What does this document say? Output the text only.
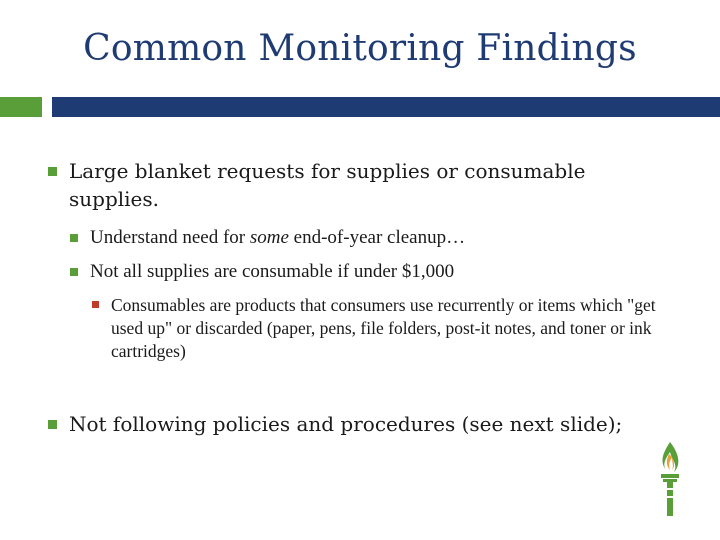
Common Monitoring Findings
Large blanket requests for supplies or consumable supplies.
Understand need for some end-of-year cleanup…
Not all supplies are consumable if under $1,000
Consumables are products that consumers use recurrently or items which "get used up" or discarded (paper, pens, file folders, post-it notes, and toner or ink cartridges)
Not following policies and procedures (see next slide);
